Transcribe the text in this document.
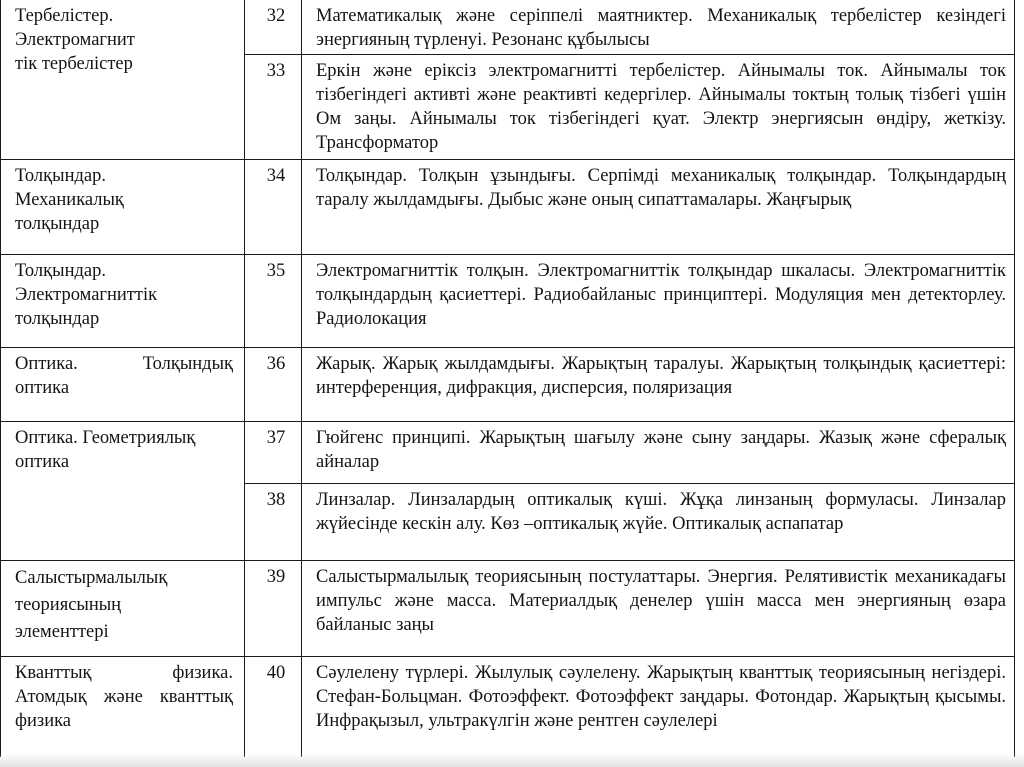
Тербелістер. Электромагнит тік тербелістер	32	Математикалық және серіппелі маятниктер. Механикалық тербелістер кезіндегі энергияның түрленуі. Резонанс құбылысы
	33	Еркін және еріксіз электромагнитті тербелістер. Айнымалы ток. Айнымалы ток тізбегіндегі активті және реактивті кедергілер. Айнымалы токтың толық тізбегі үшін Ом заңы. Айнымалы ток тізбегіндегі қуат. Электр энергиясын өндіру, жеткізу. Трансформатор

Толқындар. Механикалық толқындар	34	Толқындар. Толқын ұзындығы. Серпімді механикалық толқындар. Толқындардың таралу жылдамдығы. Дыбыс және оның сипаттамалары. Жаңғырық

Толқындар. Электромагниттік толқындар	35	Электромагниттік толқын. Электромагниттік толқындар шкаласы. Электромагниттік толқындардың қасиеттері. Радиобайланыс принциптері. Модуляция мен детекторлеу. Радиолокация

Оптика. Толқындық оптика	36	Жарық. Жарық жылдамдығы. Жарықтың таралуы. Жарықтың толқындық қасиеттері: интерференция, дифракция, дисперсия, поляризация

Оптика. Геометриялық оптика	37	Гюйгенс принципі. Жарықтың шағылу және сыну заңдары. Жазық және сфералық айналар
	38	Линзалар. Линзалардың оптикалық күші. Жұқа линзаның формуласы. Линзалар жүйесінде кескін алу. Көз –оптикалық жүйе. Оптикалық аспапатар

Салыстырмалылық теориясының элементтері	39	Салыстырмалылық теориясының постулаттары. Энергия. Релятивистік механикадағы импульс және масса. Материалдық денелер үшін масса мен энергияның өзара байланыс заңы

Кванттық физика. Атомдық және кванттық физика	40	Сәулелену түрлері. Жылулық сәулелену. Жарықтың кванттық теориясының негіздері. Стефан-Больцман. Фотоэффект. Фотоэффект заңдары. Фотондар. Жарықтың қысымы. Инфрақызыл, ультракүлгін және рентген сәулелері
